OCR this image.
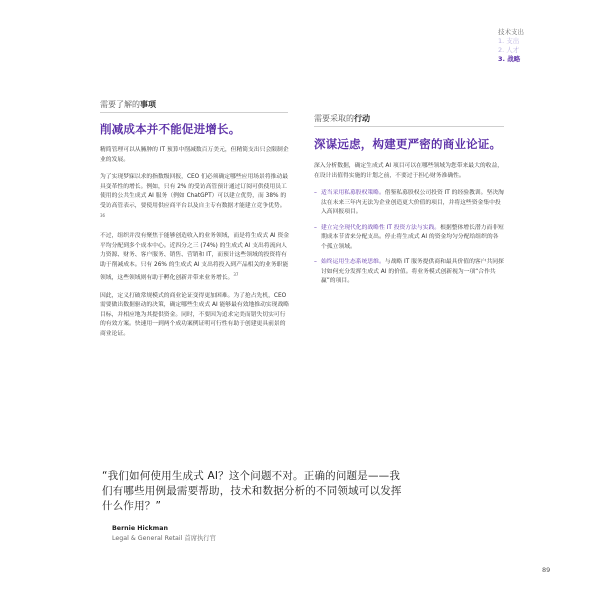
技术支出
1. 支出
2. 人才
3. 战略
需要了解的事项
削减成本并不能促进增长。

精简管理可以从臃肿的 IT 预算中削减数百万美元，但精简支出只会限制企业的发展。

为了实现梦寐以求的指数级回报，CEO 们必须确定哪些应用场景将推动最具变革性的增长。例如，只有 2% 的受访高管预计通过订阅可供使用员工使用的公共生成式 AI 服务（例如 ChatGPT）可以建立优势，而 38% 的受访高管表示，要使用供应商平台以及自主专有数据才能建立竞争优势。$^{36}$

不过，组织并没有聚焦于能够创造收入的业务领域，而是将生成式 AI 资金平均分配到多个成本中心。近四分之三 (74%) 的生成式 AI 支出将流向人力资源、财务、客户服务、销售、营销和 IT，而预计这些领域的投资将有助于削减成本。只有 26% 的生成式 AI 支出将投入到产品相关的业务职能领域，这些领域则有助于孵化创新并带来业务增长。$^{37}$

因此，定义打破常规模式的商业论证变得更加困难。为了抢占先机，CEO 需要做出数据驱动的决策，确定哪些生成式 AI 能够最有效地推动实现战略目标，并相应地为其提供资金。同时，不要因为追求完美而错失切实可行的有效方案。快速用一到两个成功案例证明可行性有助于创建更具前景的商业论证。

需要采取的行动
深谋远虑，构建更严密的商业论证。

深入分析数据，确定生成式 AI 项目可以在哪些领域为您带来最大的收益，在设计出值得实施的计划之前，不要过于担心财务准确性。

– 适当采用私募股权策略。借鉴私募股权公司投资 IT 的经验教训。坚决淘汰在未来三年内无法为企业创造更大价值的项目，并将这些资金集中投入高回报项目。
– 建立完全现代化的战略性 IT 投资方法与实践。根据整体增长潜力而非短期成本节省来分配支出。停止将生成式 AI 的资金均匀分配给组织的各个孤立领域。
– 始终运用生态系统思维。与战略 IT 服务提供商和最具价值的客户共同探讨如何充分发挥生成式 AI 的价值。将业务模式创新视为一项“合作共赢”的项目。
“我们如何使用生成式 AI？这个问题不对。正确的问题是——我们有哪些用例最需要帮助，技术和数据分析的不同领域可以发挥什么作用？”
Bernie Hickman
Legal & General Retail 首席执行官
89
